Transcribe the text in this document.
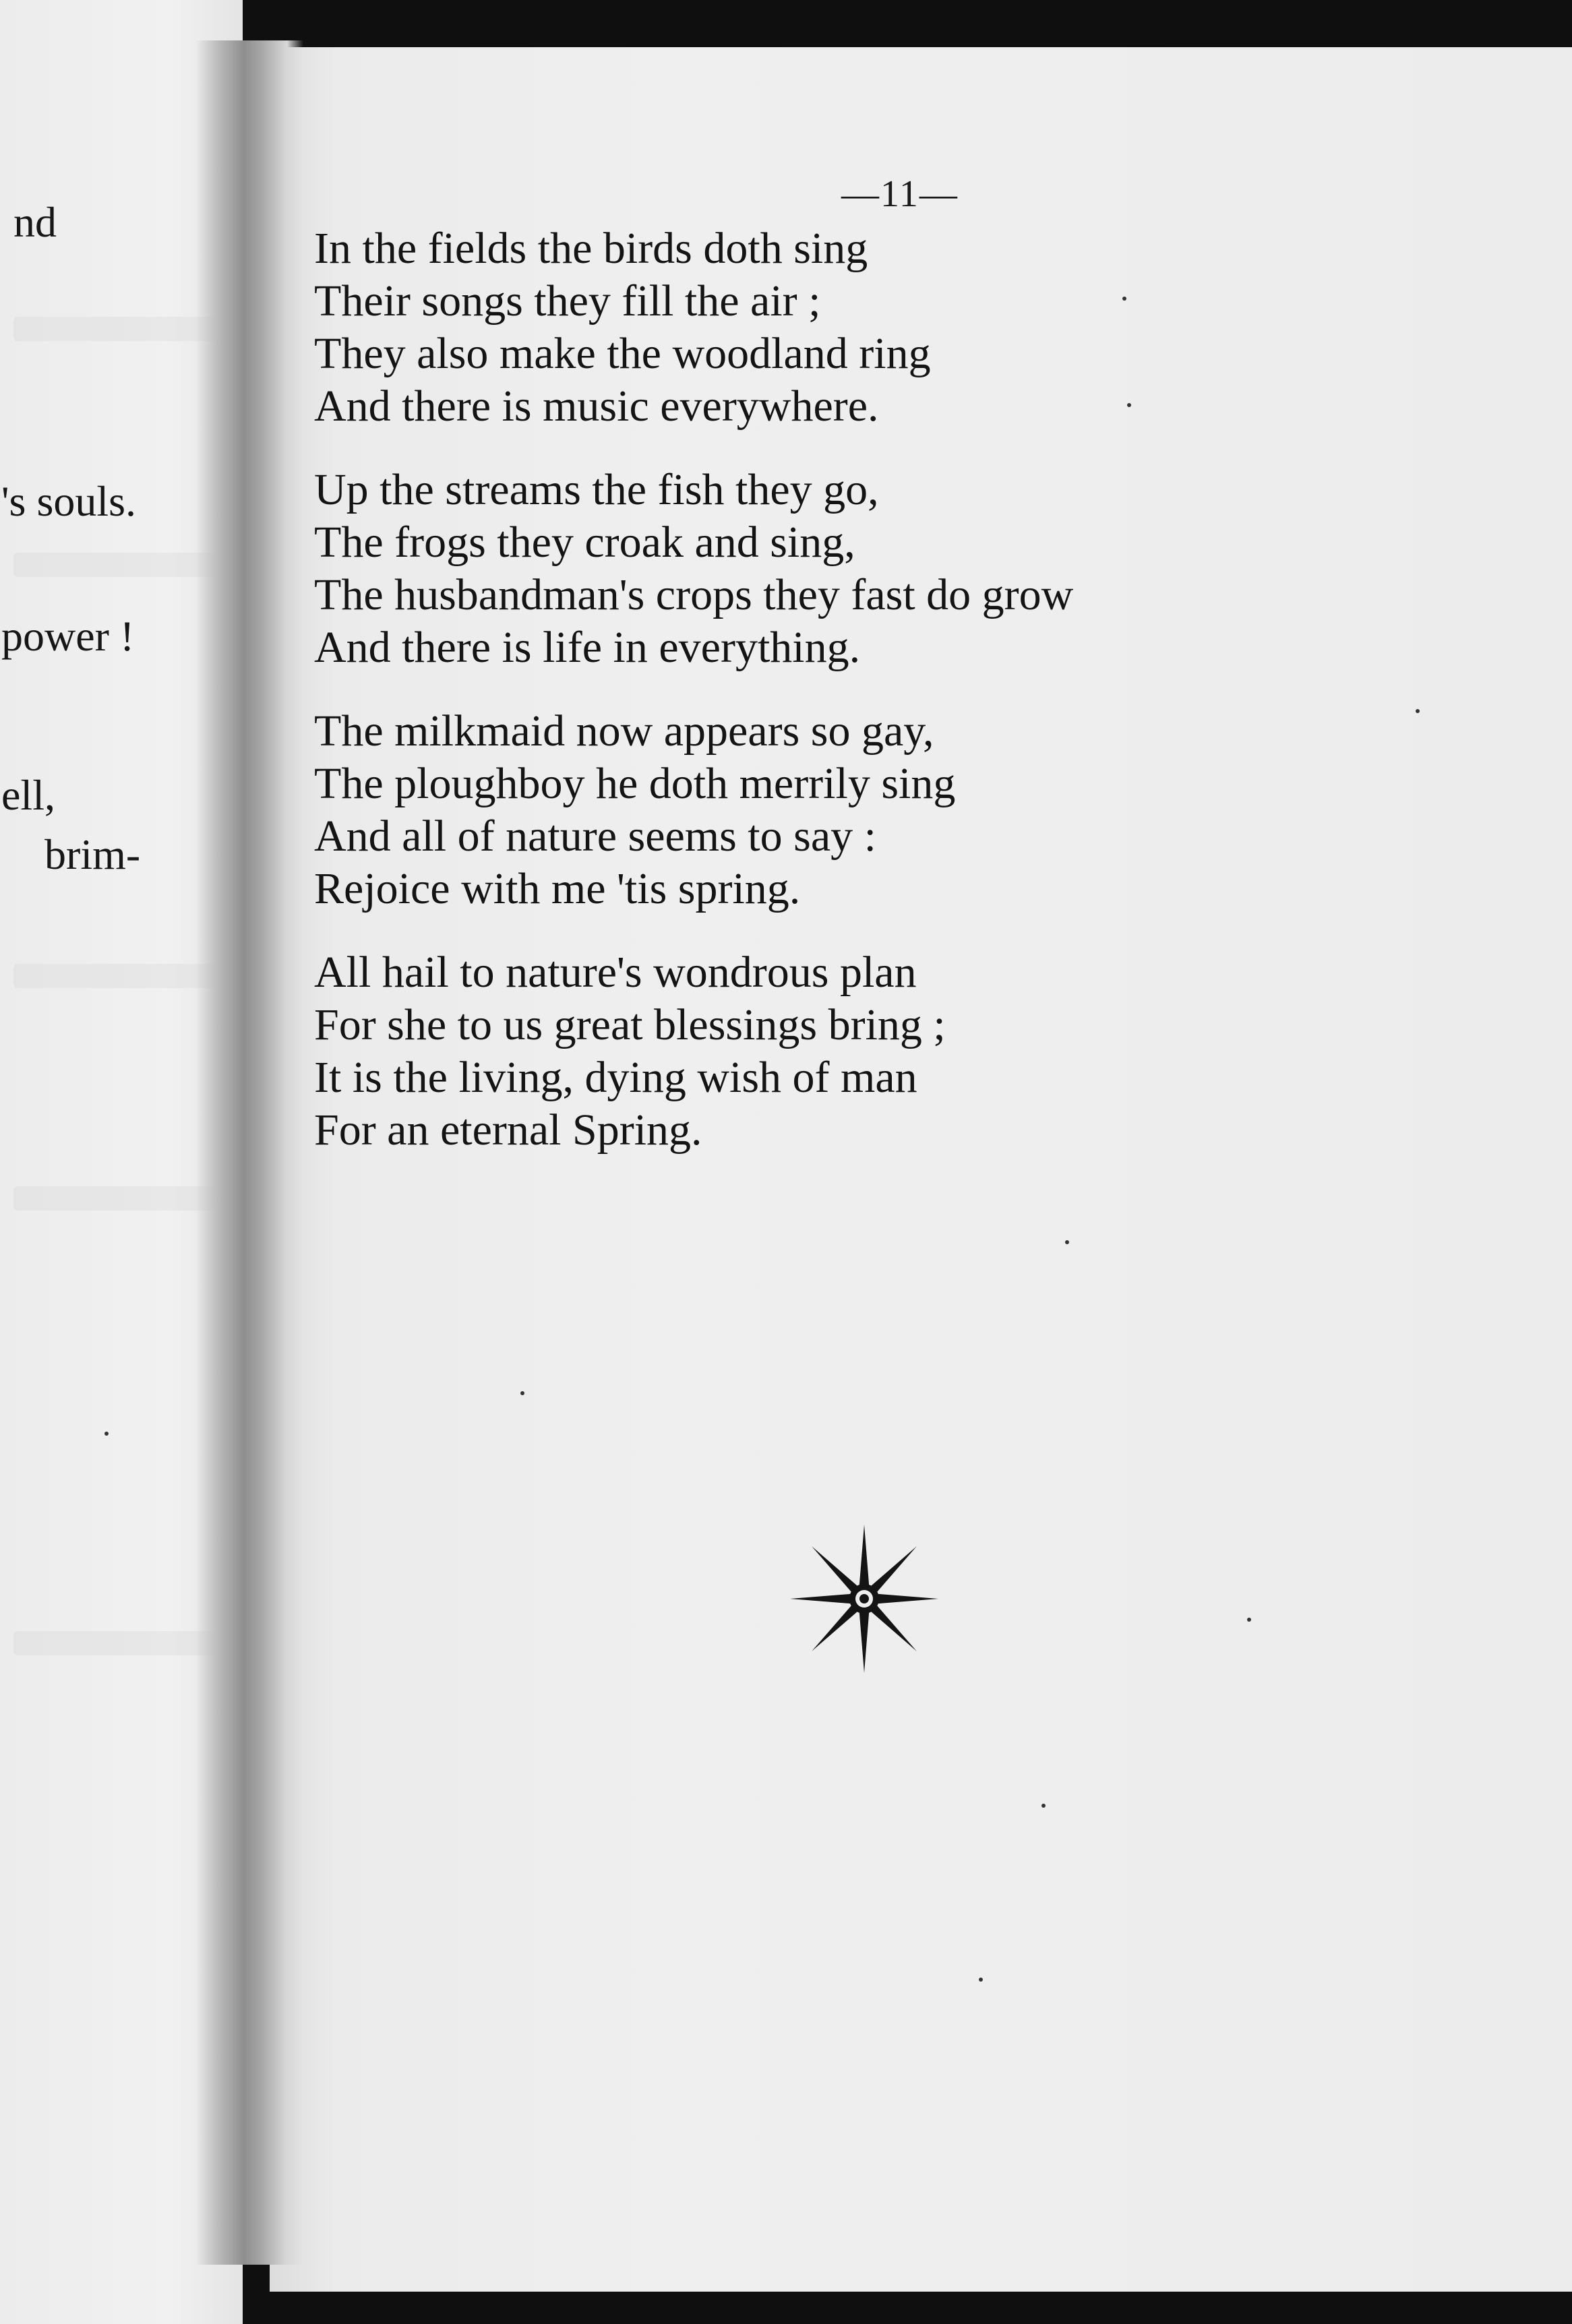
nd
's souls.
power !
ell,
brim-
—11—
In the fields the birds doth sing
Their songs they fill the air ;
They also make the woodland ring
And there is music everywhere.
Up the streams the fish they go,
The frogs they croak and sing,
The husbandman's crops they fast do grow
And there is life in everything.
The milkmaid now appears so gay,
The ploughboy he doth merrily sing
And all of nature seems to say :
Rejoice with me 'tis spring.
All hail to nature's wondrous plan
For she to us great blessings bring ;
It is the living, dying wish of man
For an eternal Spring.
